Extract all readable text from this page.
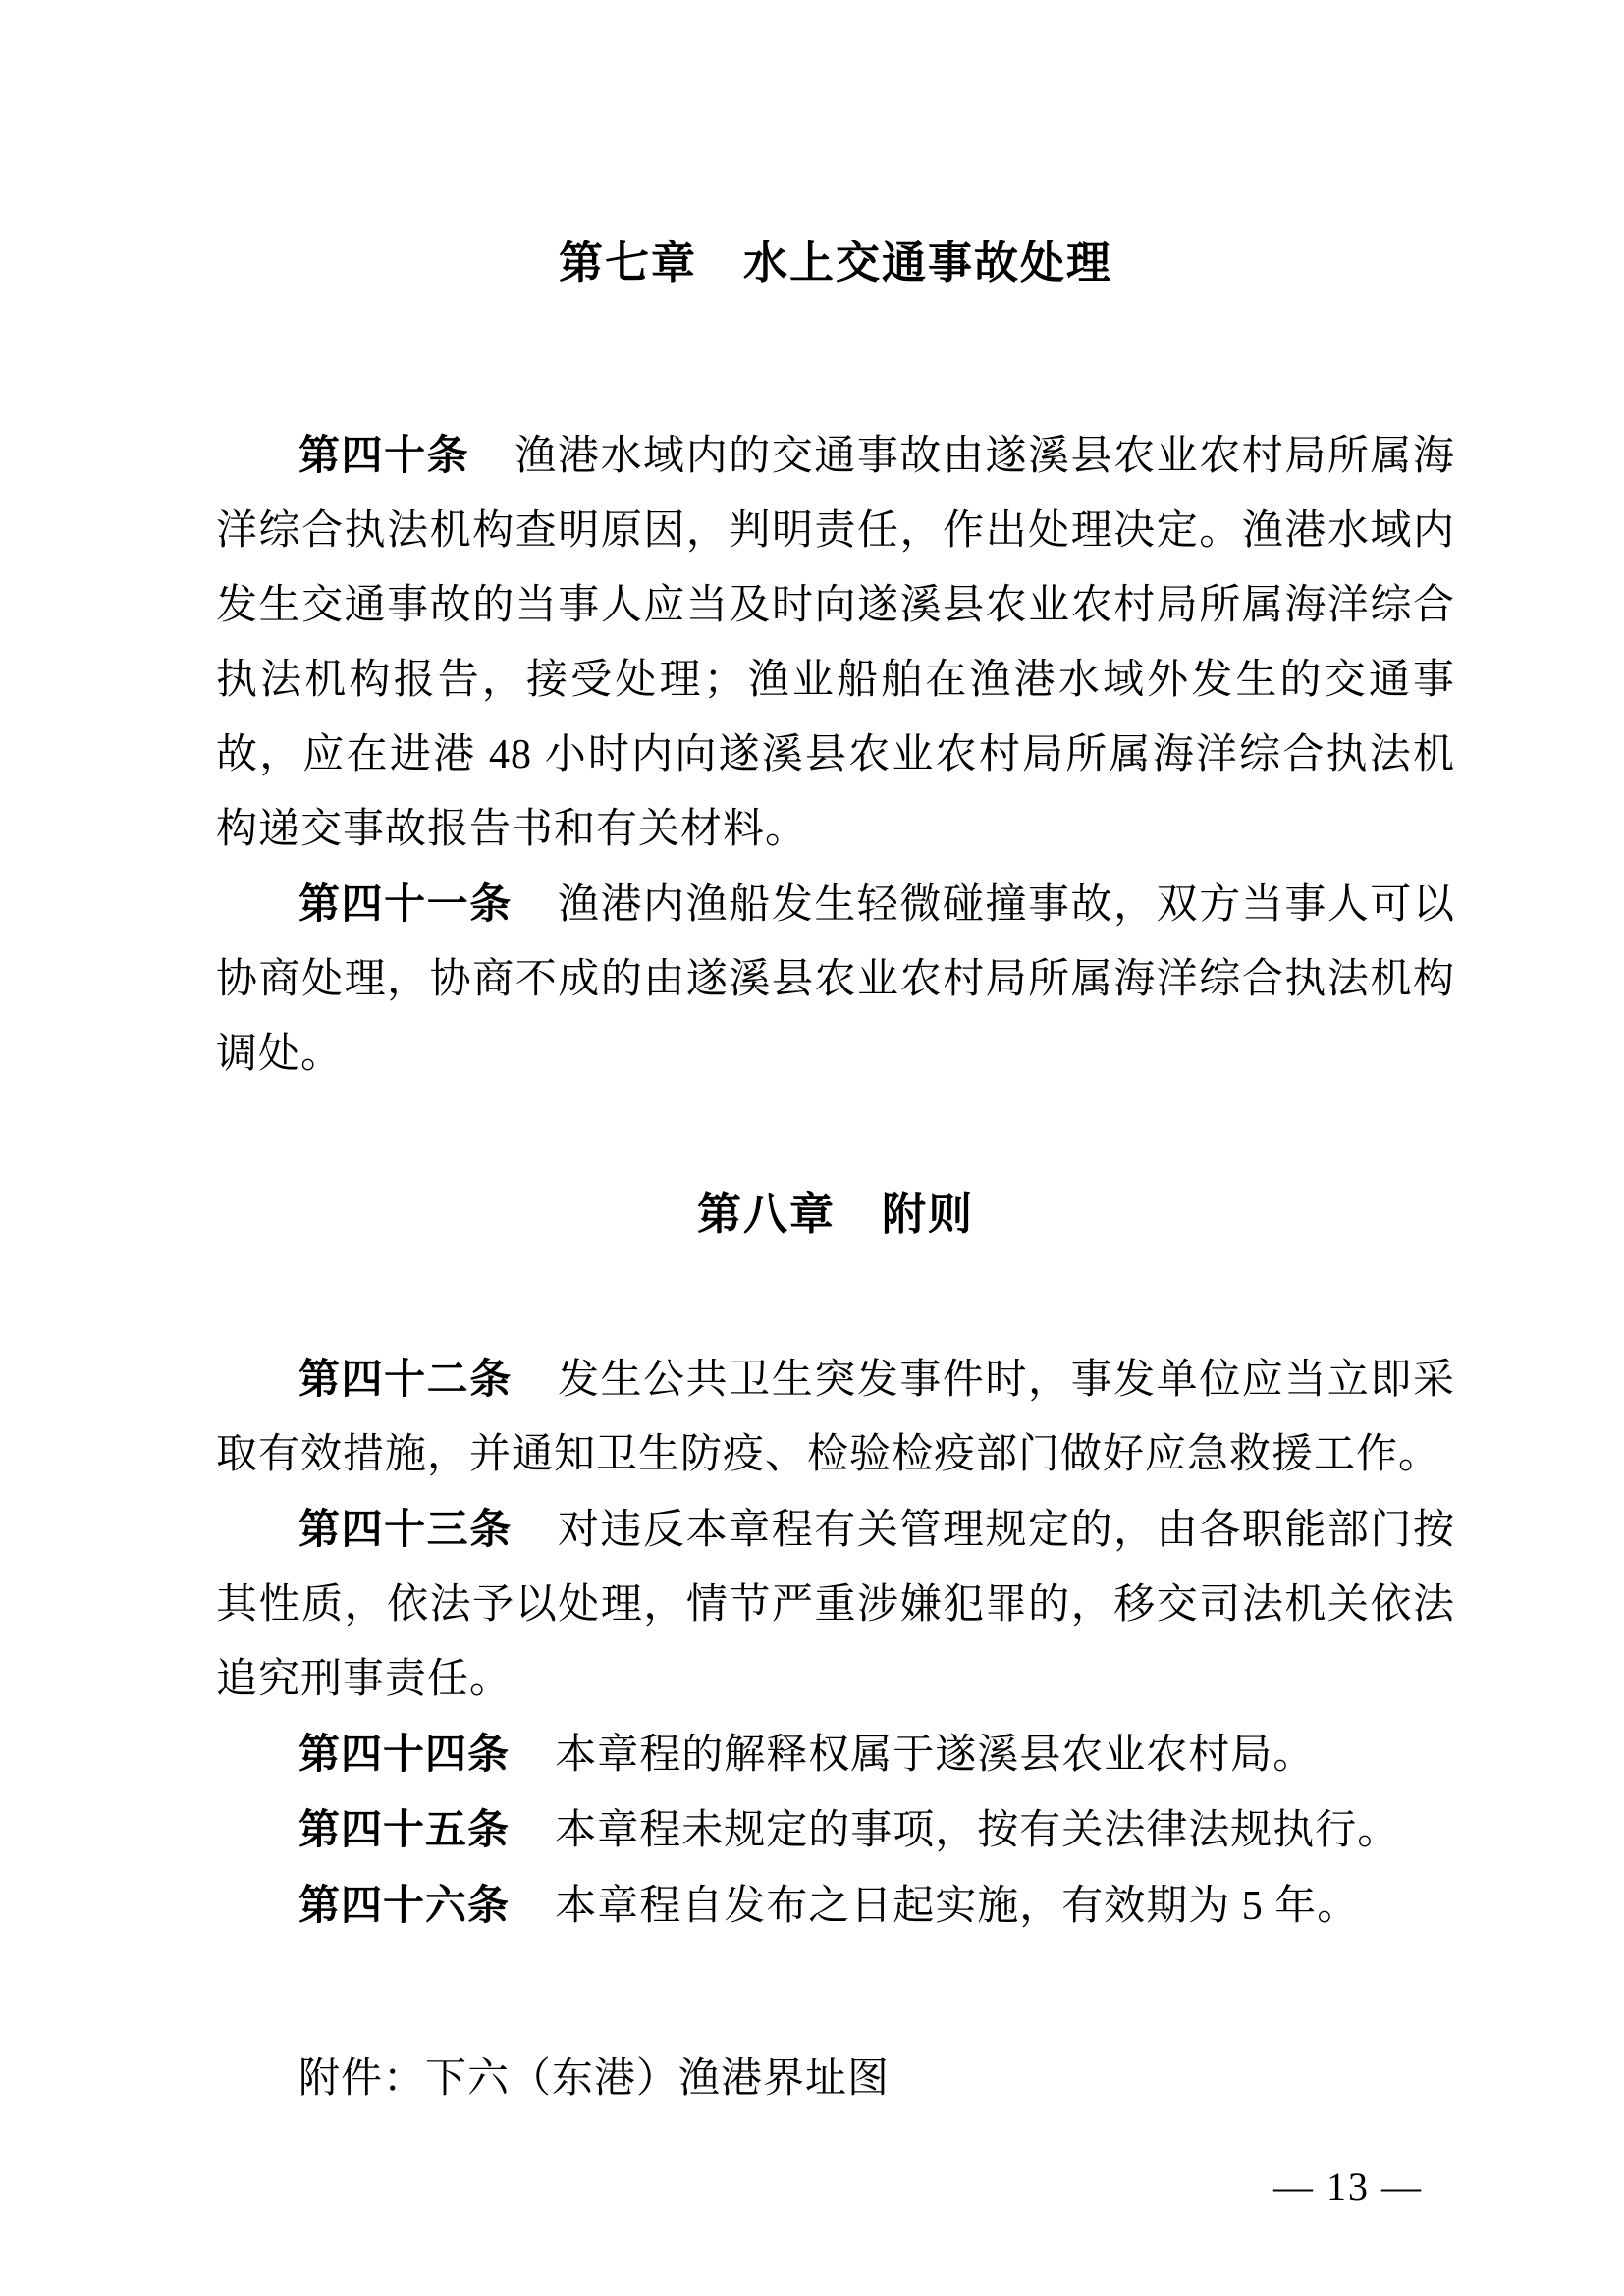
第七章　水上交通事故处理

第四十条 渔港水域内的交通事故由遂溪县农业农村局所属海洋综合执法机构查明原因，判明责任，作出处理决定。渔港水域内发生交通事故的当事人应当及时向遂溪县农业农村局所属海洋综合执法机构报告，接受处理；渔业船舶在渔港水域外发生的交通事故，应在进港 48 小时内向遂溪县农业农村局所属海洋综合执法机构递交事故报告书和有关材料。

第四十一条 渔港内渔船发生轻微碰撞事故，双方当事人可以协商处理，协商不成的由遂溪县农业农村局所属海洋综合执法机构调处。

第八章　附则

第四十二条 发生公共卫生突发事件时，事发单位应当立即采取有效措施，并通知卫生防疫、检验检疫部门做好应急救援工作。

第四十三条 对违反本章程有关管理规定的，由各职能部门按其性质，依法予以处理，情节严重涉嫌犯罪的，移交司法机关依法追究刑事责任。

第四十四条 本章程的解释权属于遂溪县农业农村局。

第四十五条 本章程未规定的事项，按有关法律法规执行。

第四十六条 本章程自发布之日起实施，有效期为 5 年。

附件：下六（东港）渔港界址图

— 13 —
